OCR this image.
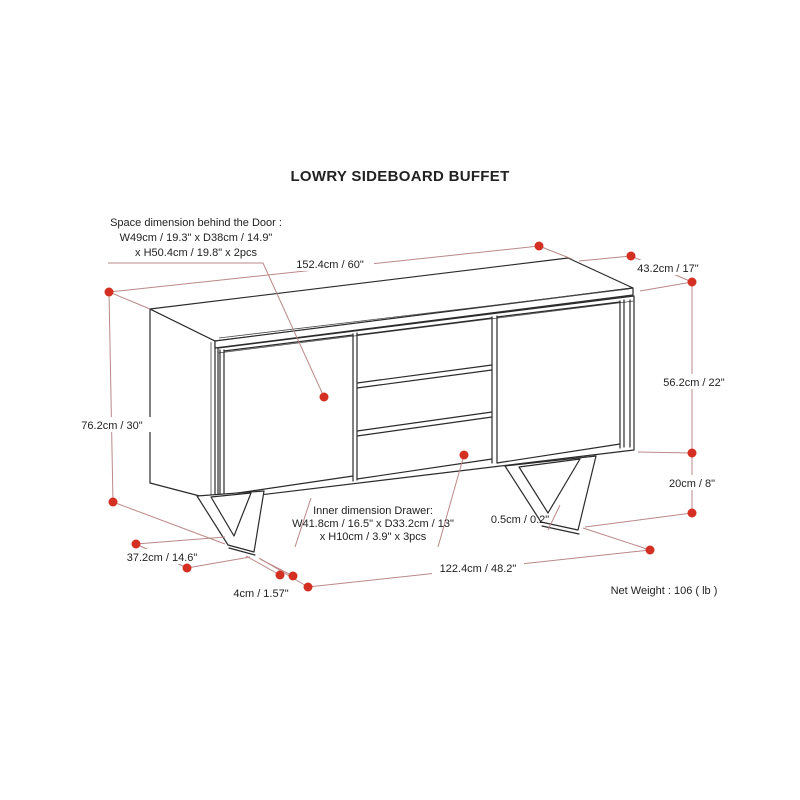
LOWRY SIDEBOARD BUFFET
Space dimension behind the Door :
W49cm / 19.3" x D38cm / 14.9"
x H50.4cm / 19.8" x 2pcs
152.4cm / 60"	43.2cm / 17"
56.2cm / 22"
20cm / 8"
76.2cm / 30"
37.2cm / 14.6"
4cm / 1.57"
122.4cm / 48.2"
0.5cm / 0.2"
Inner dimension Drawer:
W41.8cm / 16.5" x D33.2cm / 13"
x H10cm / 3.9" x 3pcs
Net Weight : 106 ( lb )
